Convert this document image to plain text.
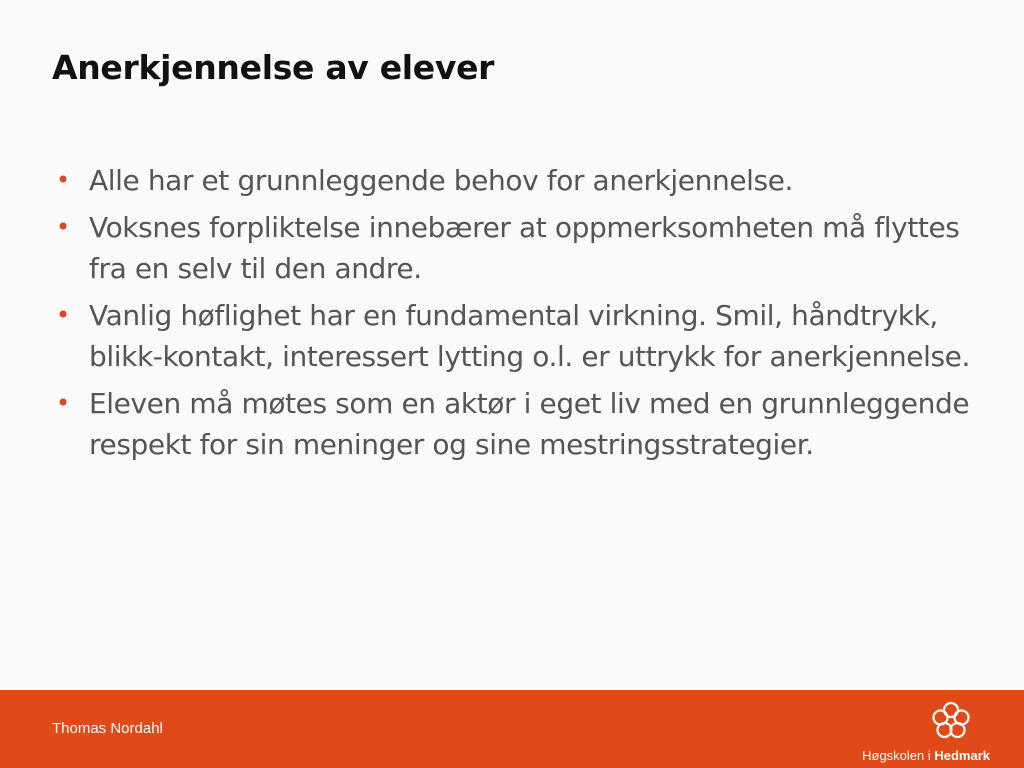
Anerkjennelse av elever
• Alle har et grunnleggende behov for anerkjennelse.
• Voksnes forpliktelse innebærer at oppmerksomheten må flyttes fra en selv til den andre.
• Vanlig høflighet har en fundamental virkning. Smil, håndtrykk, blikk-kontakt, interessert lytting o.l. er uttrykk for anerkjennelse.
• Eleven må møtes som en aktør i eget liv med en grunnleggende respekt for sin meninger og sine mestringsstrategier.
Thomas Nordahl
Høgskolen i Hedmark
